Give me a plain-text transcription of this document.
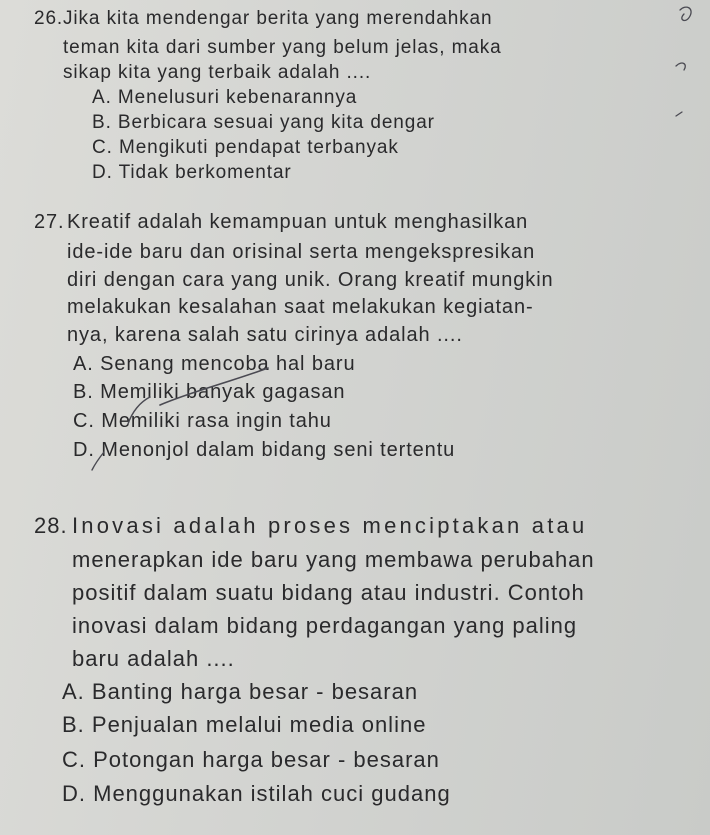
26. Jika kita mendengar berita yang merendahkan
teman kita dari sumber yang belum jelas, maka
sikap kita yang terbaik adalah ....
A. Menelusuri kebenarannya
B. Berbicara sesuai yang kita dengar
C. Mengikuti pendapat terbanyak
D. Tidak berkomentar
27. Kreatif adalah kemampuan untuk menghasilkan
ide-ide baru dan orisinal serta mengekspresikan
diri dengan cara yang unik. Orang kreatif mungkin
melakukan kesalahan saat melakukan kegiatan-
nya, karena salah satu cirinya adalah ....
A. Senang mencoba hal baru
B. Memiliki banyak gagasan
C. Memiliki rasa ingin tahu
D. Menonjol dalam bidang seni tertentu
28. Inovasi adalah proses menciptakan atau
menerapkan ide baru yang membawa perubahan
positif dalam suatu bidang atau industri. Contoh
inovasi dalam bidang perdagangan yang paling
baru adalah ....
A. Banting harga besar - besaran
B. Penjualan melalui media online
C. Potongan harga besar - besaran
D. Menggunakan istilah cuci gudang
